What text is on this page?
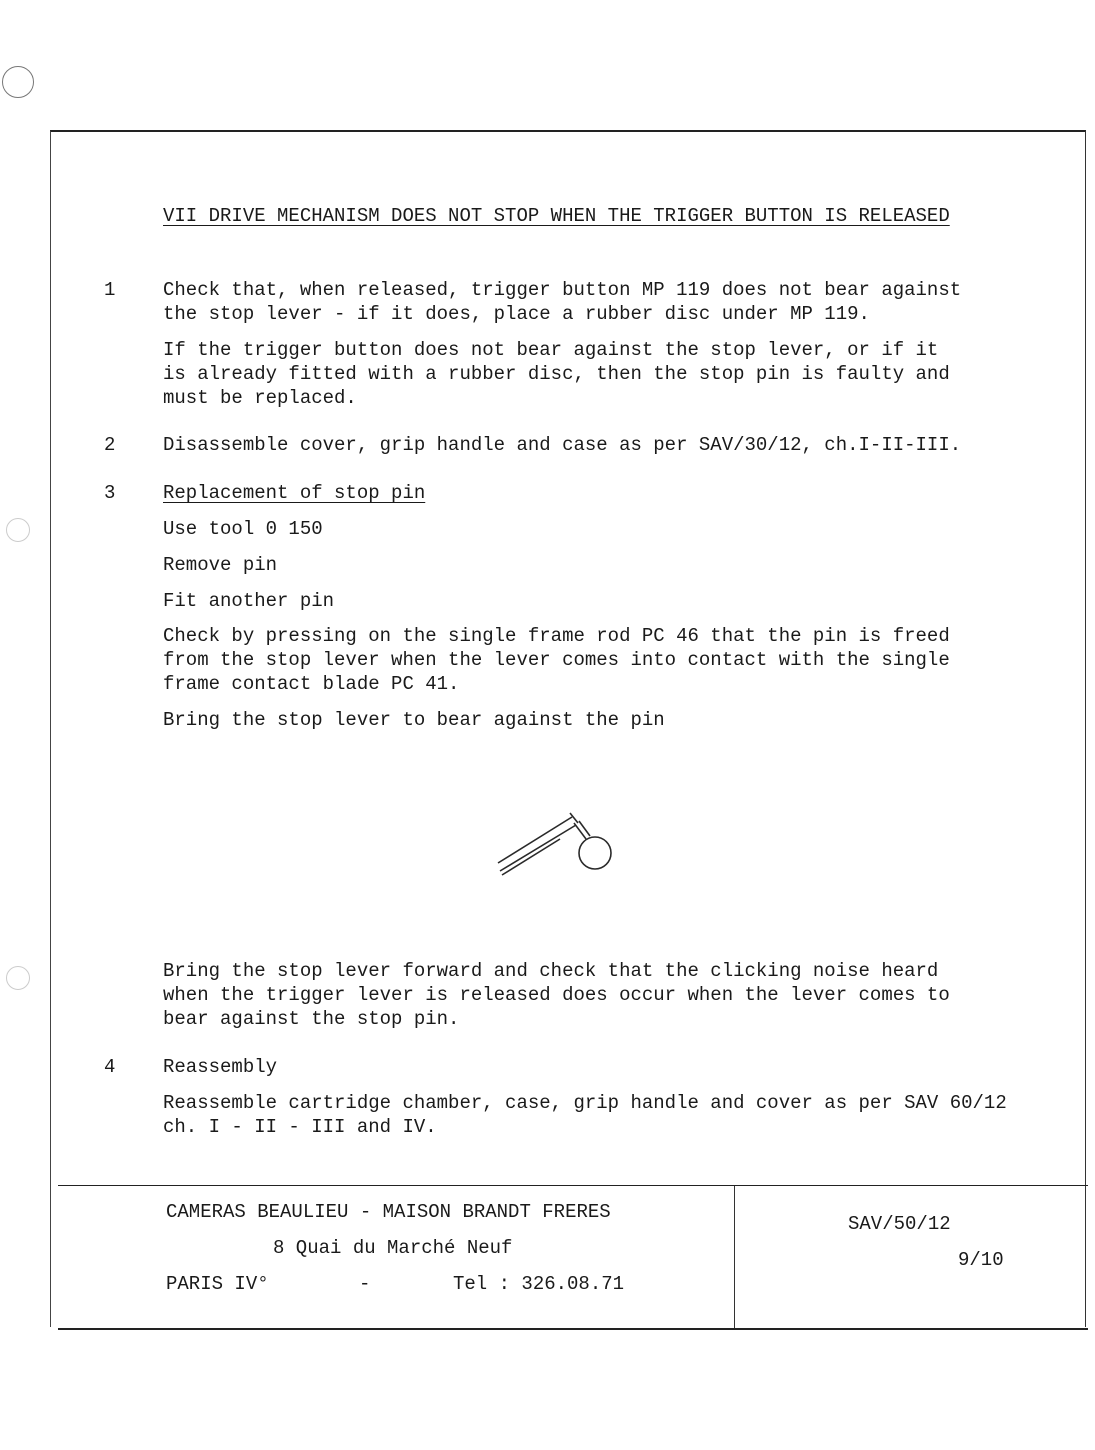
VII DRIVE MECHANISM DOES NOT STOP WHEN THE TRIGGER BUTTON IS RELEASED
1	Check that, when released, trigger button MP 119 does not bear against
the stop lever - if it does, place a rubber disc under MP 119.
If the trigger button does not bear against the stop lever, or if it
is already fitted with a rubber disc, then the stop pin is faulty and
must be replaced.
2	Disassemble cover, grip handle and case as per SAV/30/12, ch.I-II-III.
3	Replacement of stop pin
Use tool 0 150
Remove pin
Fit another pin
Check by pressing on the single frame rod PC 46 that the pin is freed
from the stop lever when the lever comes into contact with the single
frame contact blade PC 41.
Bring the stop lever to bear against the pin
Bring the stop lever forward and check that the clicking noise heard
when the trigger lever is released does occur when the lever comes to
bear against the stop pin.
4	Reassembly
Reassemble cartridge chamber, case, grip handle and cover as per SAV 60/12
ch. I - II - III and IV.
CAMERAS BEAULIEU - MAISON BRANDT FRERES
8 Quai du Marché Neuf
PARIS IV°	-	Tel : 326.08.71
SAV/50/12
9/10
